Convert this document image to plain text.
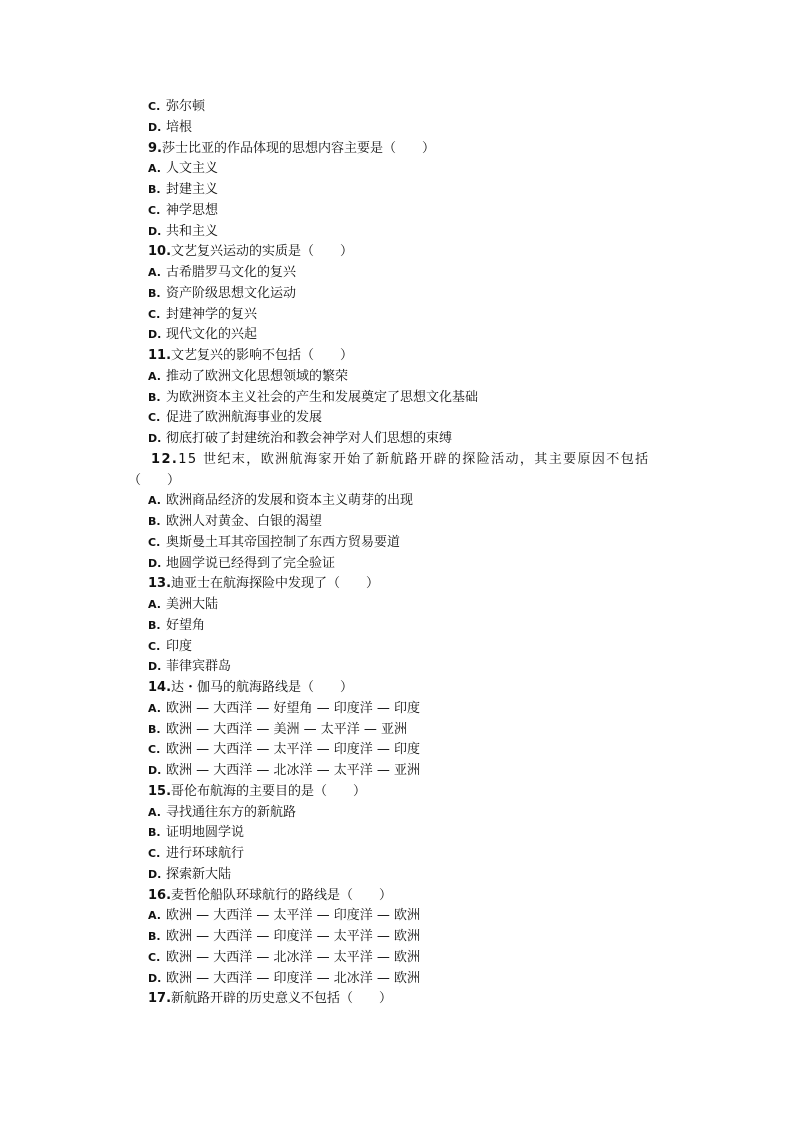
C. 弥尔顿
D. 培根
9.莎士比亚的作品体现的思想内容主要是（　　）
A. 人文主义
B. 封建主义
C. 神学思想
D. 共和主义
10.文艺复兴运动的实质是（　　）
A. 古希腊罗马文化的复兴
B. 资产阶级思想文化运动
C. 封建神学的复兴
D. 现代文化的兴起
11.文艺复兴的影响不包括（　　）
A. 推动了欧洲文化思想领域的繁荣
B. 为欧洲资本主义社会的产生和发展奠定了思想文化基础
C. 促进了欧洲航海事业的发展
D. 彻底打破了封建统治和教会神学对人们思想的束缚
12.15 世纪末，欧洲航海家开始了新航路开辟的探险活动，其主要原因不包括
（　　）
A. 欧洲商品经济的发展和资本主义萌芽的出现
B. 欧洲人对黄金、白银的渴望
C. 奥斯曼土耳其帝国控制了东西方贸易要道
D. 地圆学说已经得到了完全验证
13.迪亚士在航海探险中发现了（　　）
A. 美洲大陆
B. 好望角
C. 印度
D. 菲律宾群岛
14.达・伽马的航海路线是（　　）
A. 欧洲 — 大西洋 — 好望角 — 印度洋 — 印度
B. 欧洲 — 大西洋 — 美洲 — 太平洋 — 亚洲
C. 欧洲 — 大西洋 — 太平洋 — 印度洋 — 印度
D. 欧洲 — 大西洋 — 北冰洋 — 太平洋 — 亚洲
15.哥伦布航海的主要目的是（　　）
A. 寻找通往东方的新航路
B. 证明地圆学说
C. 进行环球航行
D. 探索新大陆
16.麦哲伦船队环球航行的路线是（　　）
A. 欧洲 — 大西洋 — 太平洋 — 印度洋 — 欧洲
B. 欧洲 — 大西洋 — 印度洋 — 太平洋 — 欧洲
C. 欧洲 — 大西洋 — 北冰洋 — 太平洋 — 欧洲
D. 欧洲 — 大西洋 — 印度洋 — 北冰洋 — 欧洲
17.新航路开辟的历史意义不包括（　　）
